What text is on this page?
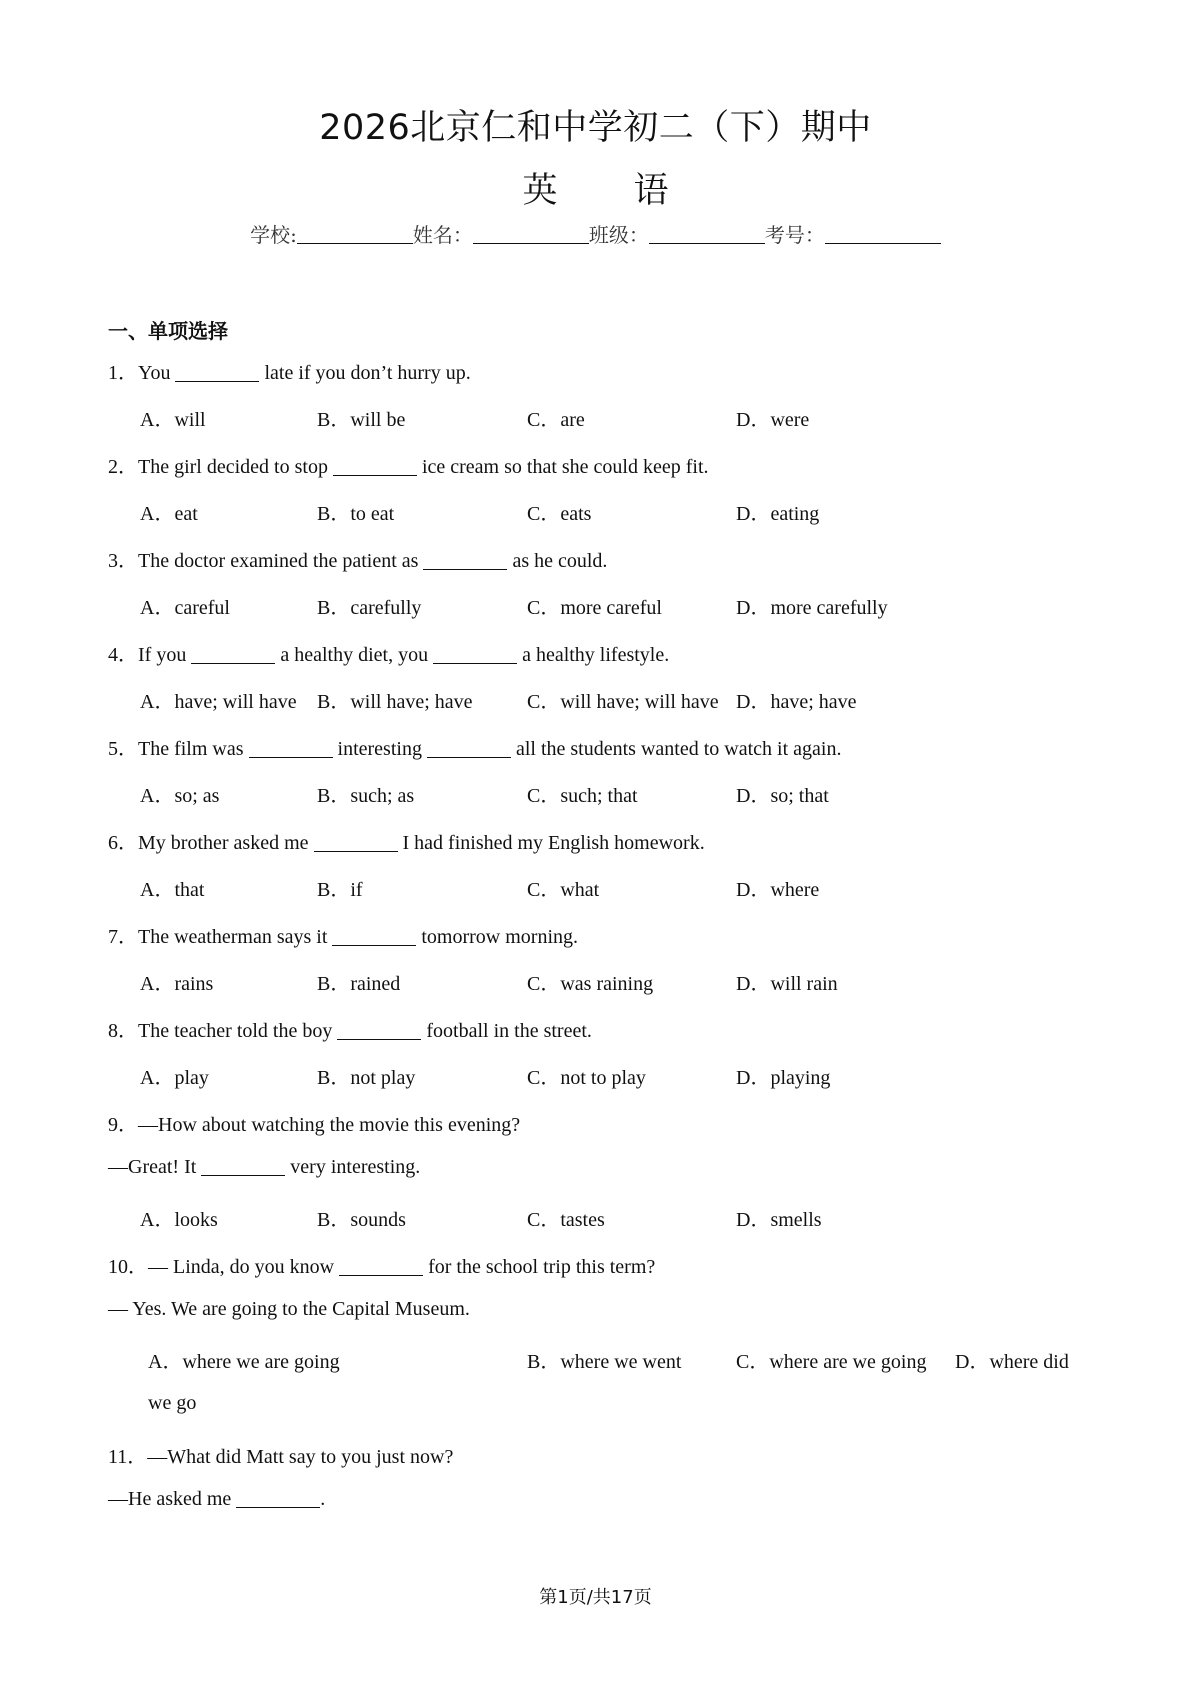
2026北京仁和中学初二（下）期中
英 语
学校:	姓名：	班级：	考号：
一、单项选择
1．You	late if you don’t hurry up.
A．will	B．will be	C．are	D．were
2．The girl decided to stop	ice cream so that she could keep fit.
A．eat	B．to eat	C．eats	D．eating
3．The doctor examined the patient as	as he could.
A．careful	B．carefully	C．more careful	D．more carefully
4．If you	a healthy diet, you	a healthy lifestyle.
A．have; will have B．will have; have	C．will have; will have D．have; have
5．The film was	interesting	all the students wanted to watch it again.
A．so; as	B．such; as	C．such; that	D．so; that
6．My brother asked me	I had finished my English homework.
A．that	B．if	C．what	D．where
7．The weatherman says it	tomorrow morning.
A．rains	B．rained	C．was raining	D．will rain
8．The teacher told the boy	football in the street.
A．play	B．not play	C．not to play	D．playing
9．—How about watching the movie this evening?
—Great! It	very interesting.
A．looks	B．sounds	C．tastes	D．smells
10．— Linda, do you know	for the school trip this term?
— Yes. We are going to the Capital Museum.
A．where we are going	B．where we went	C．where are we going D．where did
we go
11．—What did Matt say to you just now?
—He asked me	.
第1页/共17页
